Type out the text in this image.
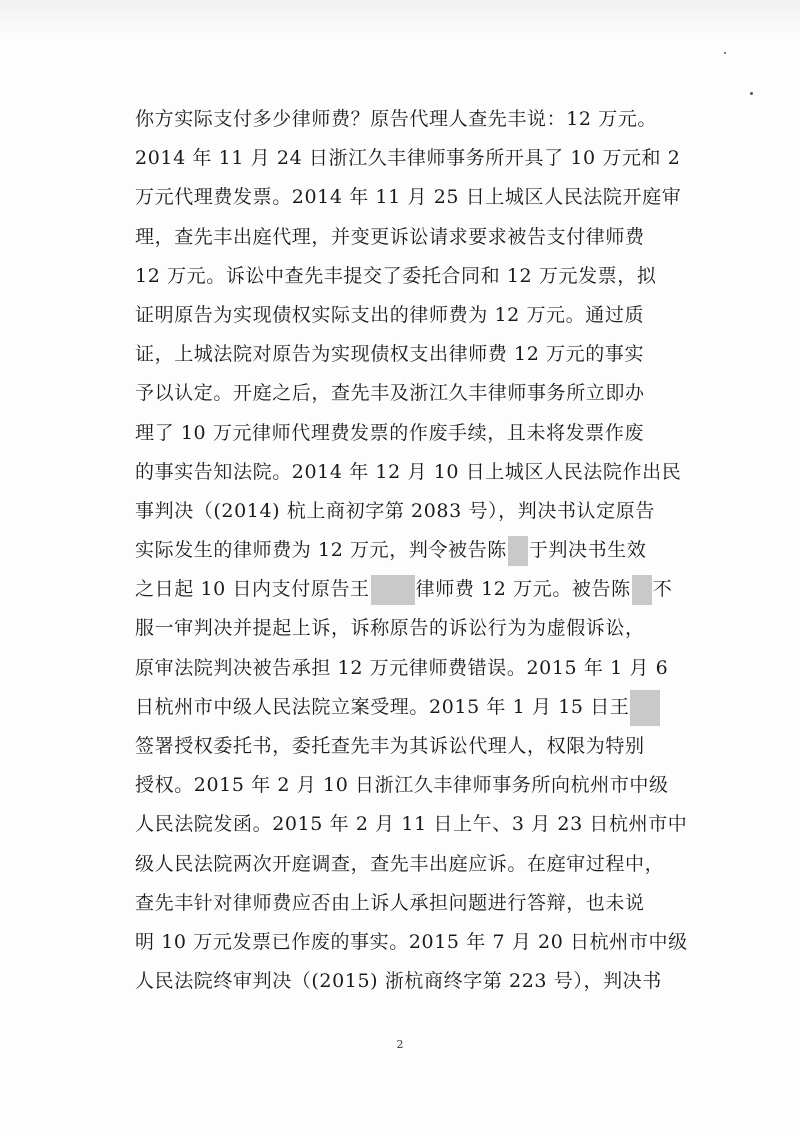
你方实际支付多少律师费？原告代理人查先丰说：12 万元。
2014 年 11 月 24 日浙江久丰律师事务所开具了 10 万元和 2
万元代理费发票。2014 年 11 月 25 日上城区人民法院开庭审
理，查先丰出庭代理，并变更诉讼请求要求被告支付律师费
12 万元。诉讼中查先丰提交了委托合同和 12 万元发票，拟
证明原告为实现债权实际支出的律师费为 12 万元。通过质
证，上城法院对原告为实现债权支出律师费 12 万元的事实
予以认定。开庭之后，查先丰及浙江久丰律师事务所立即办
理了 10 万元律师代理费发票的作废手续，且未将发票作废
的事实告知法院。2014 年 12 月 10 日上城区人民法院作出民
事判决（(2014) 杭上商初字第 2083 号），判决书认定原告
实际发生的律师费为 12 万元，判令被告陈 于判决书生效
之日起 10 日内支付原告王 律师费 12 万元。被告陈 不
服一审判决并提起上诉，诉称原告的诉讼行为为虚假诉讼，
原审法院判决被告承担 12 万元律师费错误。2015 年 1 月 6
日杭州市中级人民法院立案受理。2015 年 1 月 15 日王
签署授权委托书，委托查先丰为其诉讼代理人，权限为特别
授权。2015 年 2 月 10 日浙江久丰律师事务所向杭州市中级
人民法院发函。2015 年 2 月 11 日上午、3 月 23 日杭州市中
级人民法院两次开庭调查，查先丰出庭应诉。在庭审过程中，
查先丰针对律师费应否由上诉人承担问题进行答辩，也未说
明 10 万元发票已作废的事实。2015 年 7 月 20 日杭州市中级
人民法院终审判决（(2015) 浙杭商终字第 223 号），判决书
2
